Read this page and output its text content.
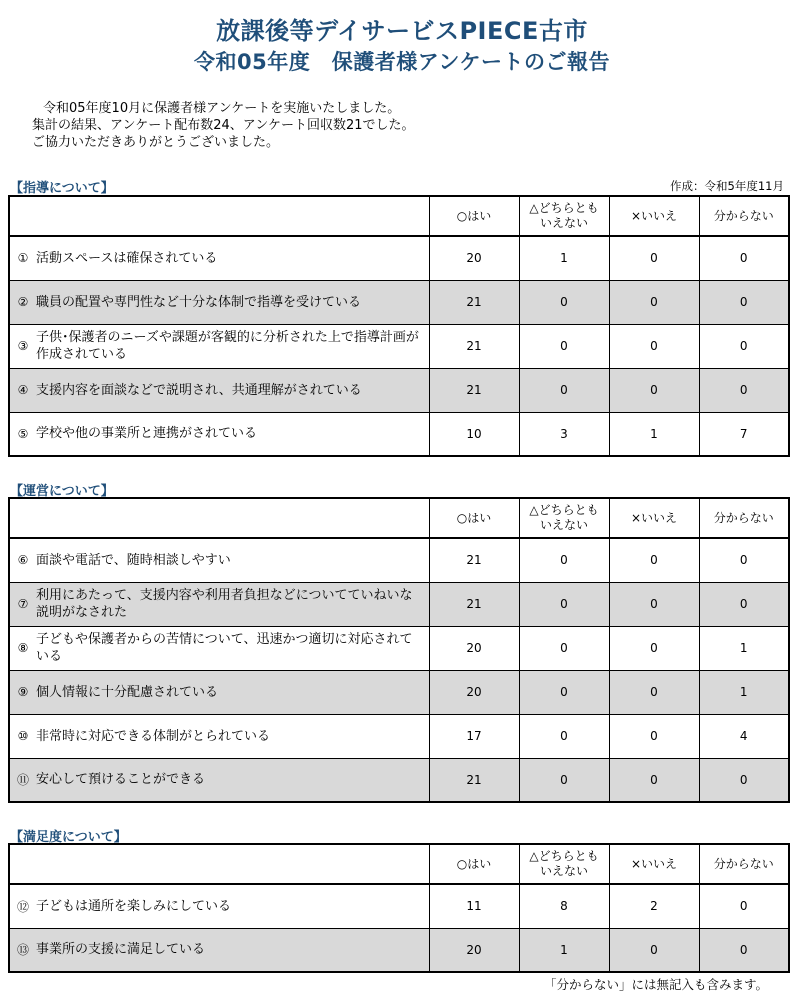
放課後等デイサービスPIECE古市
令和05年度　保護者様アンケートのご報告
令和05年度10月に保護者様アンケートを実施いたしました。
集計の結果、アンケート配布数24、アンケート回収数21でした。
ご協力いただきありがとうございました。
作成：令和5年度11月
【指導について】
【運営について】
【満足度について】
	○はい	△どちらとも
いえない	×いいえ	分からない

① 活動スペースは確保されている	20	1	0	0

② 職員の配置や専門性など十分な体制で指導を受けている	21	0	0	0

③
子供･保護者のニーズや課題が客観的に分析された上で指導計画が作成されている	21	0	0	0

④ 支援内容を面談などで説明され、共通理解がされている	21	0	0	0

⑤ 学校や他の事業所と連携がされている	10	3	1	7
	○はい	△どちらとも
いえない	×いいえ	分からない

⑥ 面談や電話で、随時相談しやすい	21	0	0	0

⑦
利用にあたって、支援内容や利用者負担などについてていねいな説明がなされた	21	0	0	0

⑧
子どもや保護者からの苦情について、迅速かつ適切に対応されている	20	0	0	1

⑨ 個人情報に十分配慮されている	20	0	0	1

⑩ 非常時に対応できる体制がとられている	17	0	0	4

⑪ 安心して預けることができる	21	0	0	0
	○はい	△どちらとも
いえない	×いいえ	分からない

⑫ 子どもは通所を楽しみにしている	11	8	2	0

⑬ 事業所の支援に満足している	20	1	0	0
「分からない」には無記入も含みます。
